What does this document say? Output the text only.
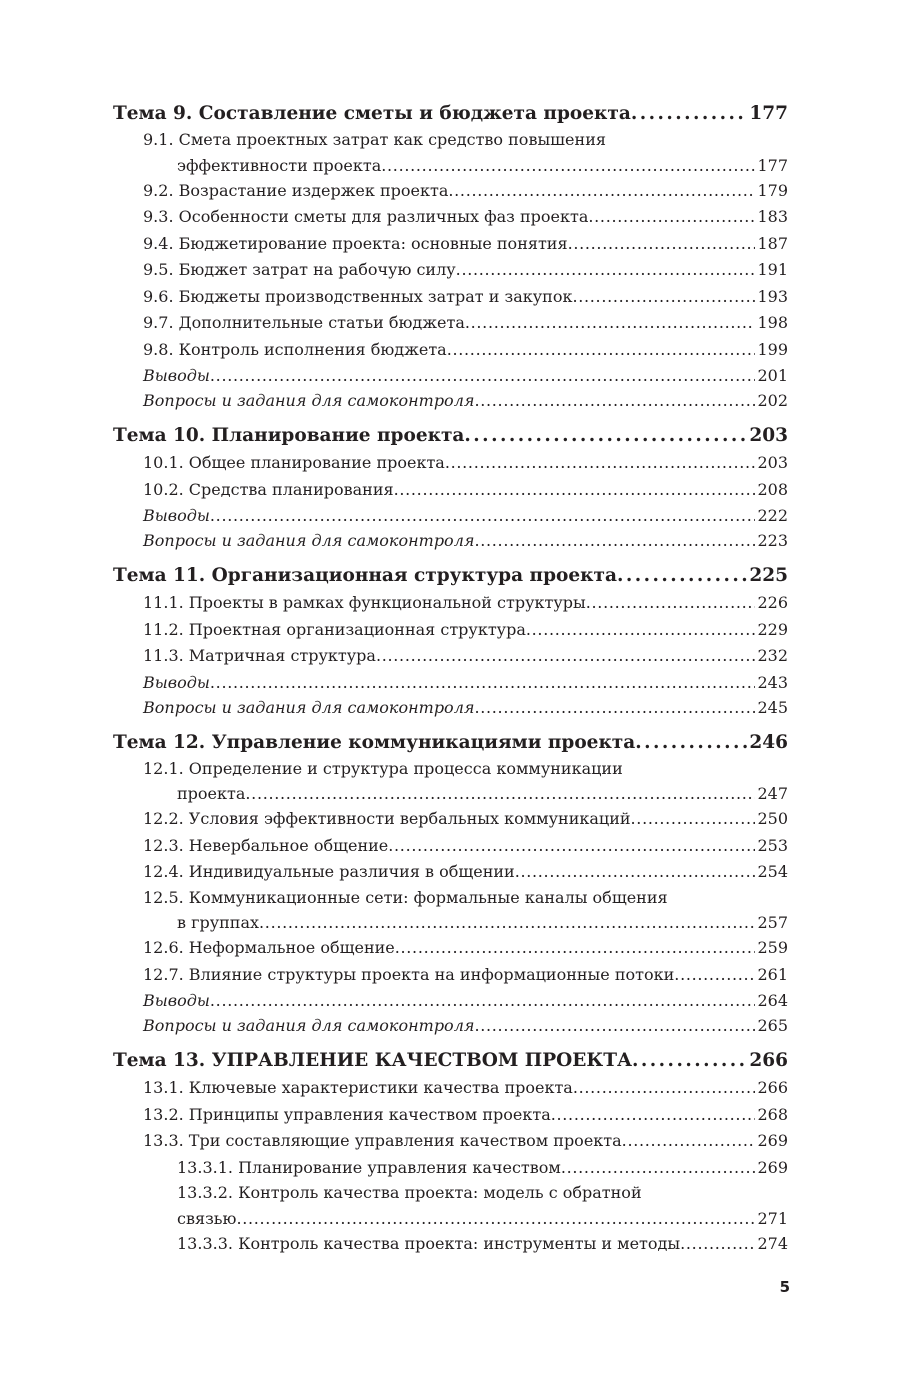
Тема 9. Составление сметы и бюджета проекта . . .	177
9.1. Смета проектных затрат как средство повышения
эффективности проекта . . .	177
9.2. Возрастание издержек проекта . . .	179
9.3. Особенности сметы для различных фаз проекта . . .	183
9.4. Бюджетирование проекта: основные понятия . . .	187
9.5. Бюджет затрат на рабочую силу . . .	191
9.6. Бюджеты производственных затрат и закупок . . .	193
9.7. Дополнительные статьи бюджета . . .	198
9.8. Контроль исполнения бюджета . . .	199
Выводы . . .	201
Вопросы и задания для самоконтроля . . .	202
Тема 10. Планирование проекта . . .	203
10.1. Общее планирование проекта . . .	203
10.2. Средства планирования . . .	208
Выводы . . .	222
Вопросы и задания для самоконтроля . . .	223
Тема 11. Организационная структура проекта . . .	225
11.1. Проекты в рамках функциональной структуры . . .	226
11.2. Проектная организационная структура . . .	229
11.3. Матричная структура . . .	232
Выводы . . .	243
Вопросы и задания для самоконтроля . . .	245
Тема 12. Управление коммуникациями проекта . . .	246
12.1. Определение и структура процесса коммуникации
проекта . . .	247
12.2. Условия эффективности вербальных коммуникаций . . .	250
12.3. Невербальное общение . . .	253
12.4. Индивидуальные различия в общении . . .	254
12.5. Коммуникационные сети: формальные каналы общения
в группах . . .	257
12.6. Неформальное общение . . .	259
12.7. Влияние структуры проекта на информационные потоки . . .	261
Выводы . . .	264
Вопросы и задания для самоконтроля . . .	265
Тема 13. УПРАВЛЕНИЕ КАЧЕСТВОМ ПРОЕКТА . . .	266
13.1. Ключевые характеристики качества проекта . . .	266
13.2. Принципы управления качеством проекта . . .	268
13.3. Три составляющие управления качеством проекта . . .	269
13.3.1. Планирование управления качеством . . .	269
13.3.2. Контроль качества проекта: модель с обратной
связью . . .	271
13.3.3. Контроль качества проекта: инструменты и методы . . .	274
5
